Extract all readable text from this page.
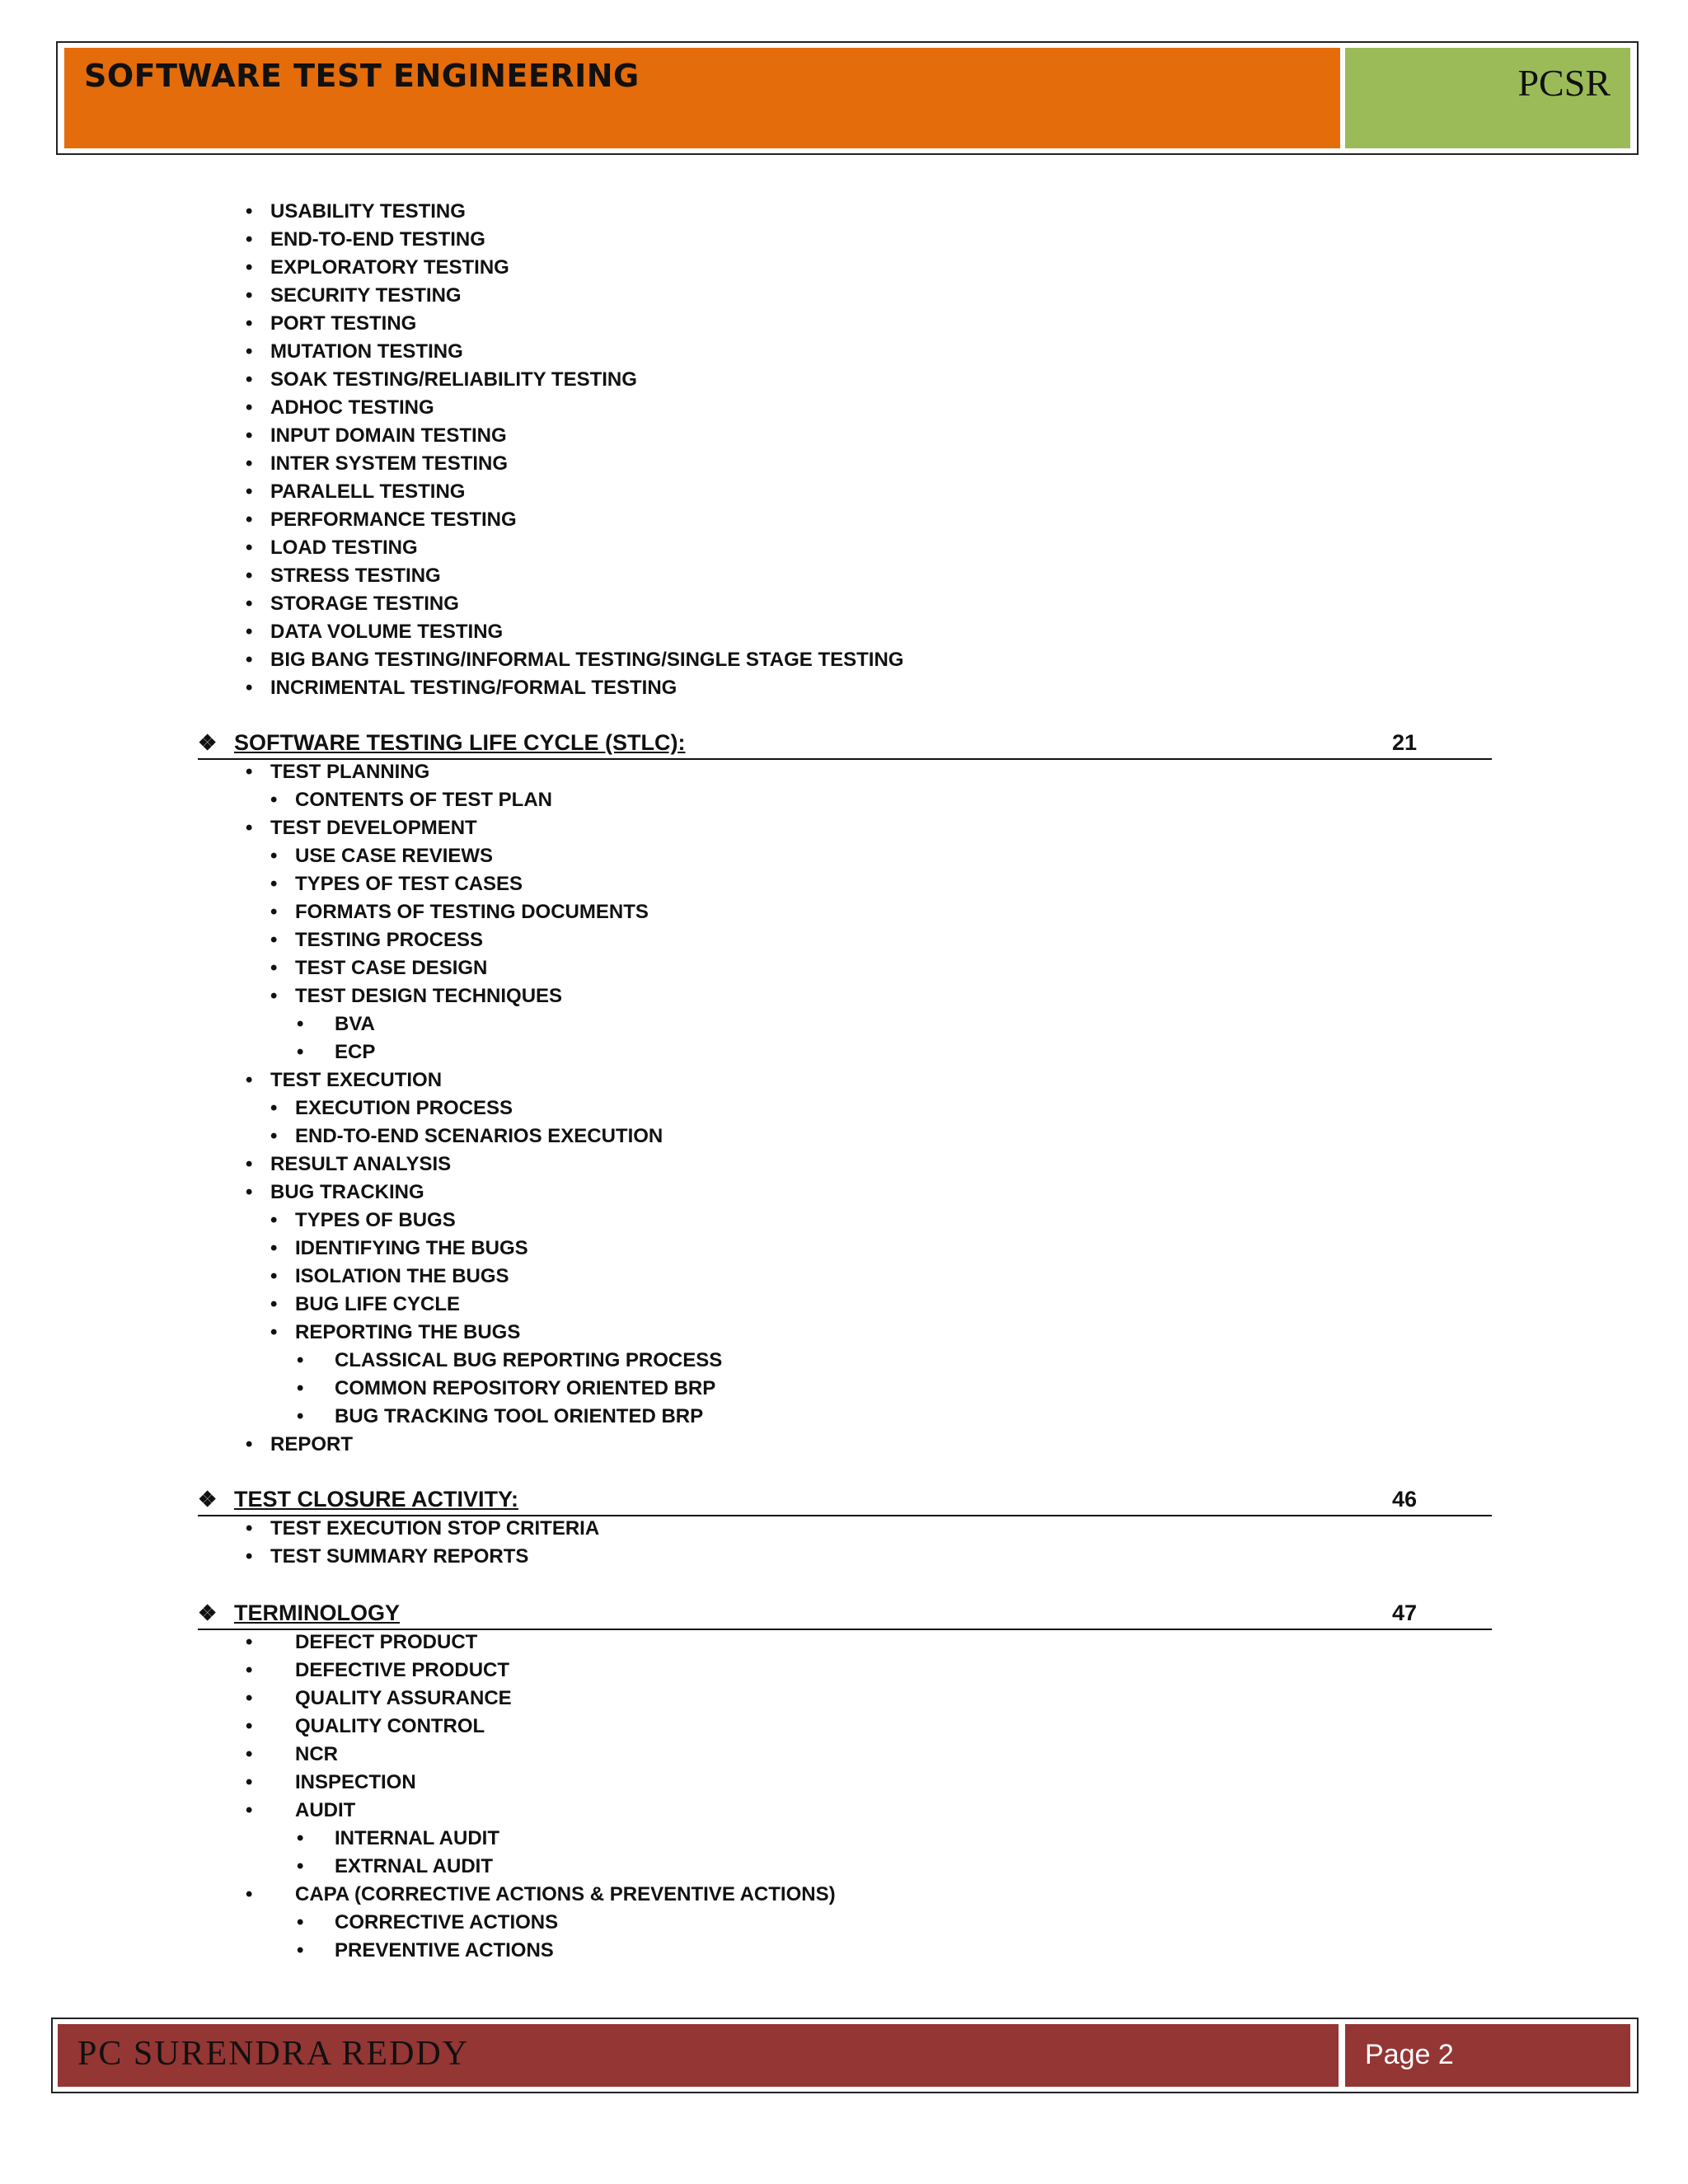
SOFTWARE TEST ENGINEERING	PCSR

• USABILITY TESTING
• END-TO-END TESTING
• EXPLORATORY TESTING
• SECURITY TESTING
• PORT TESTING
• MUTATION TESTING
• SOAK TESTING/RELIABILITY TESTING
• ADHOC TESTING
• INPUT DOMAIN TESTING
• INTER SYSTEM TESTING
• PARALELL TESTING
• PERFORMANCE TESTING
• LOAD TESTING
• STRESS TESTING
• STORAGE TESTING
• DATA VOLUME TESTING
• BIG BANG TESTING/INFORMAL TESTING/SINGLE STAGE TESTING
• INCRIMENTAL TESTING/FORMAL TESTING
❖ SOFTWARE TESTING LIFE CYCLE (STLC):	21
• TEST PLANNING
• CONTENTS OF TEST PLAN
• TEST DEVELOPMENT
• USE CASE REVIEWS
• TYPES OF TEST CASES
• FORMATS OF TESTING DOCUMENTS
• TESTING PROCESS
• TEST CASE DESIGN
• TEST DESIGN TECHNIQUES
• BVA
• ECP
• TEST EXECUTION
• EXECUTION PROCESS
• END-TO-END SCENARIOS EXECUTION
• RESULT ANALYSIS
• BUG TRACKING
• TYPES OF BUGS
• IDENTIFYING THE BUGS
• ISOLATION THE BUGS
• BUG LIFE CYCLE
• REPORTING THE BUGS
• CLASSICAL BUG REPORTING PROCESS
• COMMON REPOSITORY ORIENTED BRP
• BUG TRACKING TOOL ORIENTED BRP
• REPORT
❖ TEST CLOSURE ACTIVITY:	46
• TEST EXECUTION STOP CRITERIA
• TEST SUMMARY REPORTS
❖ TERMINOLOGY	47
• DEFECT PRODUCT
• DEFECTIVE PRODUCT
• QUALITY ASSURANCE
• QUALITY CONTROL
• NCR
• INSPECTION
• AUDIT
• INTERNAL AUDIT
• EXTRNAL AUDIT
• CAPA (CORRECTIVE ACTIONS & PREVENTIVE ACTIONS)
• CORRECTIVE ACTIONS
• PREVENTIVE ACTIONS

PC SURENDRA REDDY	Page 2
